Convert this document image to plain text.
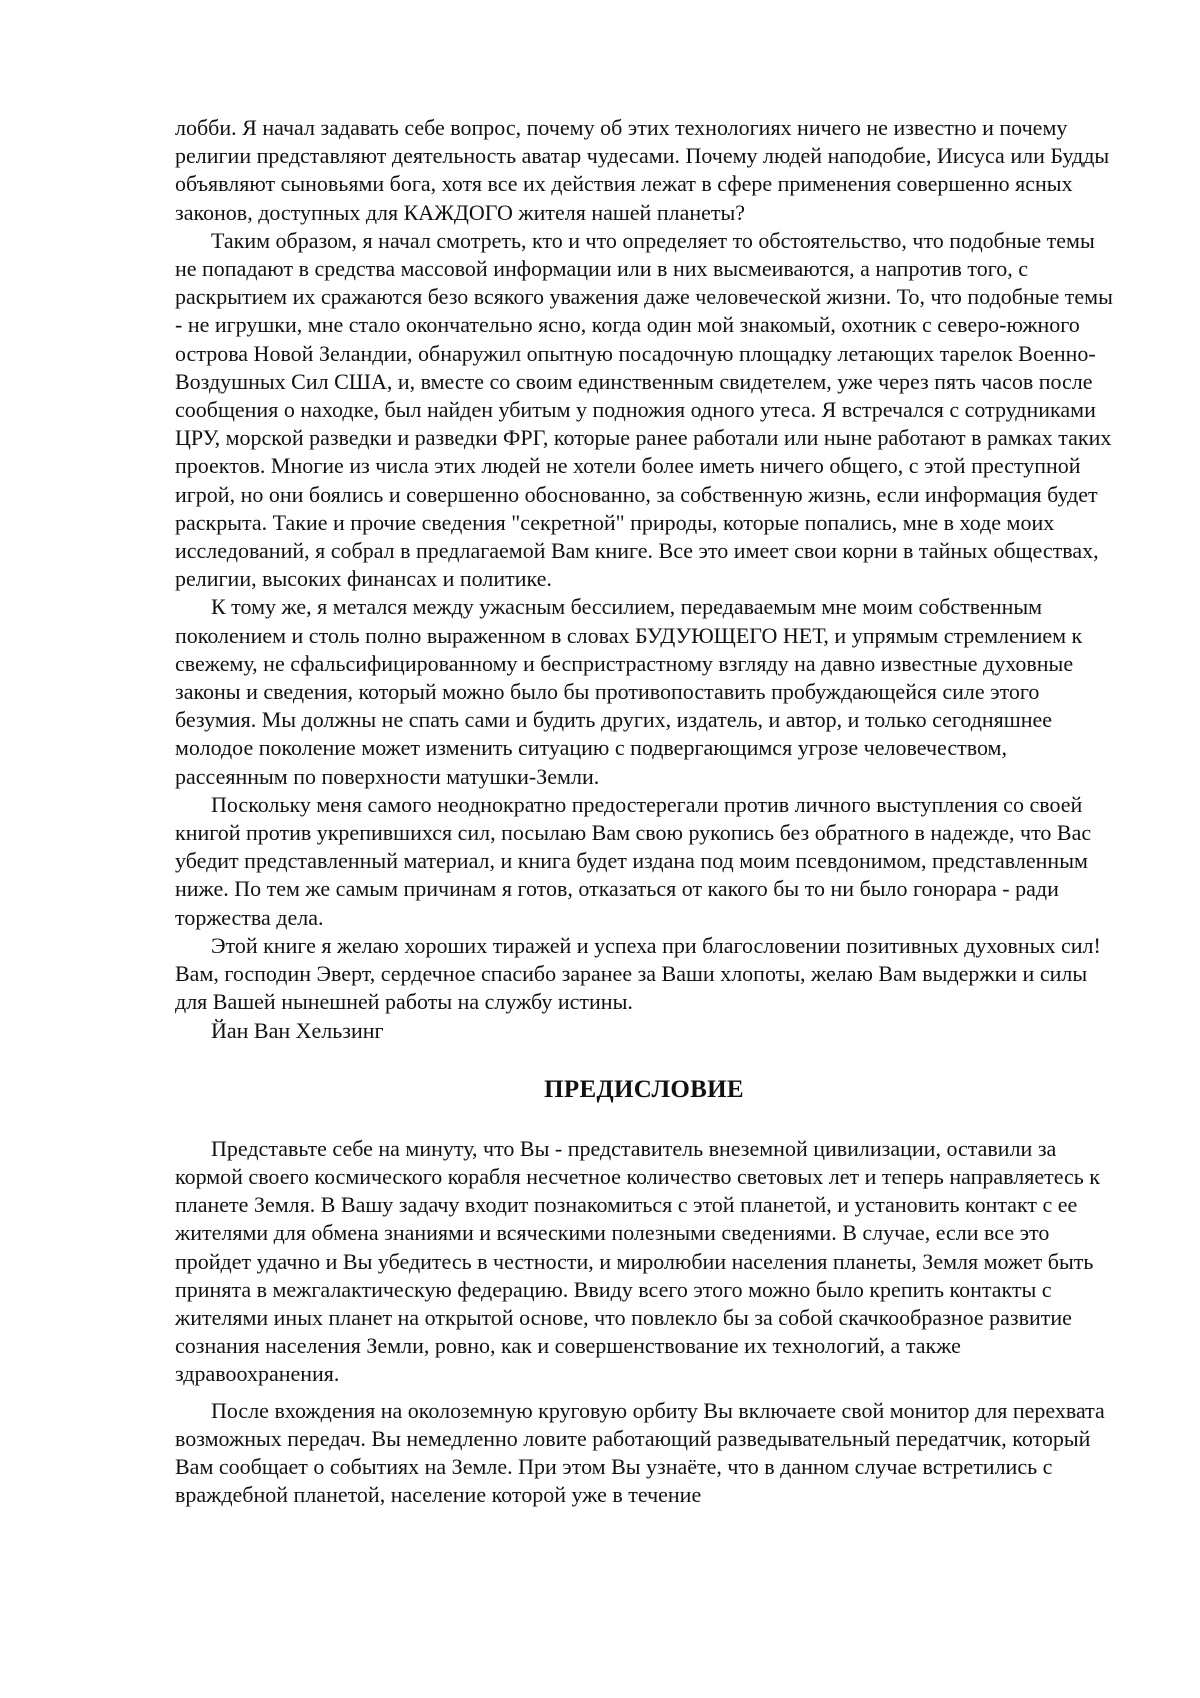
лобби. Я начал задавать себе вопрос, почему об этих технологиях ничего не известно и почему религии представляют деятельность аватар чудесами. Почему людей наподобие, Иисуса или Будды объявляют сыновьями бога, хотя все их действия лежат в сфере применения совершенно ясных законов, доступных для КАЖДОГО жителя нашей планеты?

Таким образом, я начал смотреть, кто и что определяет то обстоятельство, что подобные темы не попадают в средства массовой информации или в них высмеиваются, а напротив того, с раскрытием их сражаются безо всякого уважения даже человеческой жизни. То, что подобные темы - не игрушки, мне стало окончательно ясно, когда один мой знакомый, охотник с северо-южного острова Новой Зеландии, обнаружил опытную посадочную площадку летающих тарелок Военно-Воздушных Сил США, и, вместе со своим единственным свидетелем, уже через пять часов после сообщения о находке, был найден убитым у подножия одного утеса. Я встречался с сотрудниками ЦРУ, морской разведки и разведки ФРГ, которые ранее работали или ныне работают в рамках таких проектов. Многие из числа этих людей не хотели более иметь ничего общего, с этой преступной игрой, но они боялись и совершенно обоснованно, за собственную жизнь, если информация будет раскрыта. Такие и прочие сведения "секретной" природы, которые попались, мне в ходе моих исследований, я собрал в предлагаемой Вам книге. Все это имеет свои корни в тайных обществах, религии, высоких финансах и политике.

К тому же, я метался между ужасным бессилием, передаваемым мне моим собственным поколением и столь полно выраженном в словах БУДУЮЩЕГО НЕТ, и упрямым стремлением к свежему, не сфальсифицированному и беспристрастному взгляду на давно известные духовные законы и сведения, который можно было бы противопоставить пробуждающейся силе этого безумия. Мы должны не спать сами и будить других, издатель, и автор, и только сегодняшнее молодое поколение может изменить ситуацию с подвергающимся угрозе человечеством, рассеянным по поверхности матушки-Земли.

Поскольку меня самого неоднократно предостерегали против личного выступления со своей книгой против укрепившихся сил, посылаю Вам свою рукопись без обратного в надежде, что Вас убедит представленный материал, и книга будет издана под моим псевдонимом, представленным ниже. По тем же самым причинам я готов, отказаться от какого бы то ни было гонорара - ради торжества дела.

Этой книге я желаю хороших тиражей и успеха при благословении позитивных духовных сил! Вам, господин Эверт, сердечное спасибо заранее за Ваши хлопоты, желаю Вам выдержки и силы для Вашей нынешней работы на службу истины.

Йан Ван Хельзинг

ПРЕДИСЛОВИЕ

Представьте себе на минуту, что Вы - представитель внеземной цивилизации, оставили за кормой своего космического корабля несчетное количество световых лет и теперь направляетесь к планете Земля. В Вашу задачу входит познакомиться с этой планетой, и установить контакт с ее жителями для обмена знаниями и всяческими полезными сведениями. В случае, если все это пройдет удачно и Вы убедитесь в честности, и миролюбии населения планеты, Земля может быть принята в межгалактическую федерацию. Ввиду всего этого можно было крепить контакты с жителями иных планет на открытой основе, что повлекло бы за собой скачкообразное развитие сознания населения Земли, ровно, как и совершенствование их технологий, а также здравоохранения.

После вхождения на околоземную круговую орбиту Вы включаете свой монитор для перехвата возможных передач. Вы немедленно ловите работающий разведывательный передатчик, который Вам сообщает о событиях на Земле. При этом Вы узнаёте, что в данном случае встретились с враждебной планетой, население которой уже в течение
